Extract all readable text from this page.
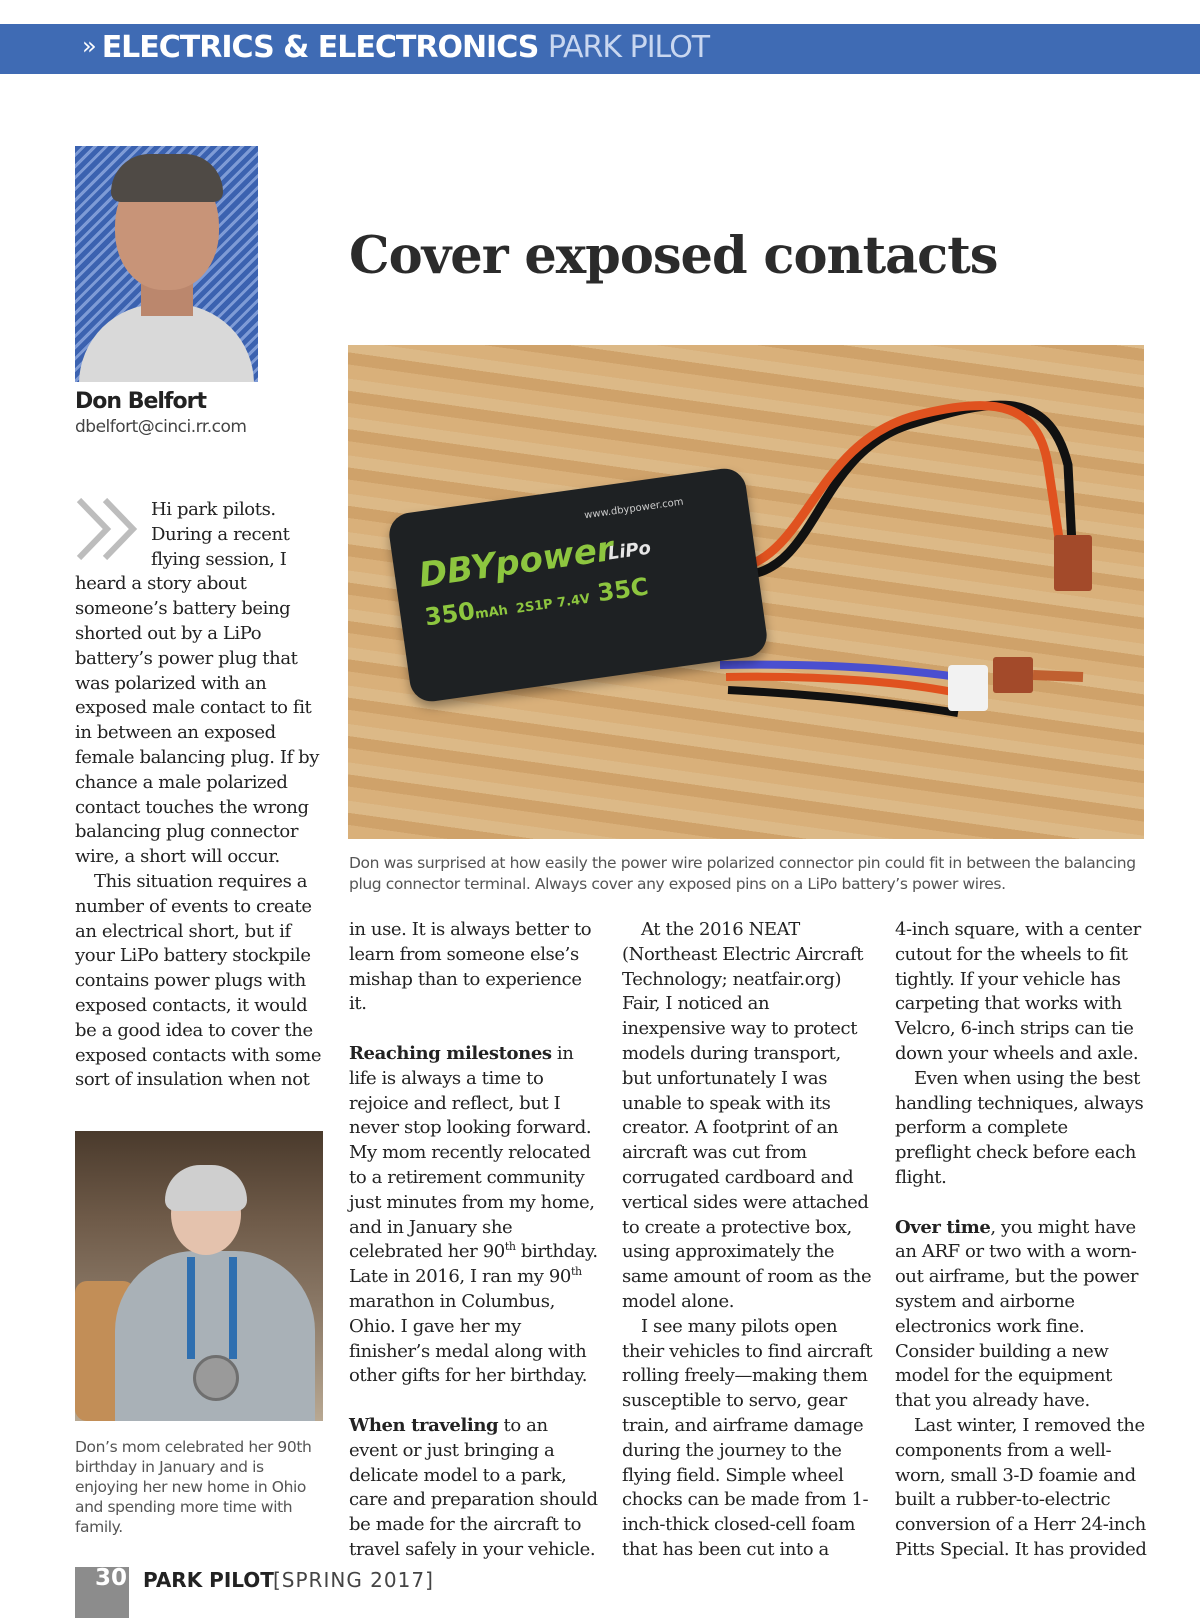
» ELECTRICS & ELECTRONICS PARK PILOT
Don Belfort
dbelfort@cinci.rr.com
Cover exposed contacts
www.dbypower.com
DBYpower
LiPo
350mAh 2S1P 7.4V 35C
Don was surprised at how easily the power wire polarized connector pin could fit in between the balancing plug connector terminal. Always cover any exposed pins on a LiPo battery’s power wires.

Hi park pilots. During a recent flying session, I heard a story about someone’s battery being shorted out by a LiPo battery’s power plug that was polarized with an exposed male contact to fit in between an exposed female balancing plug. If by chance a male polarized contact touches the wrong balancing plug connector wire, a short will occur.

This situation requires a number of events to create an electrical short, but if your LiPo battery stockpile contains power plugs with exposed contacts, it would be a good idea to cover the exposed contacts with some sort of insulation when not

in use. It is always better to learn from someone else’s mishap than to experience it.

Reaching milestones in life is always a time to rejoice and reflect, but I never stop looking forward. My mom recently relocated to a retirement community just minutes from my home, and in January she celebrated her 90th birthday. Late in 2016, I ran my 90th marathon in Columbus, Ohio. I gave her my finisher’s medal along with other gifts for her birthday.

When traveling to an event or just bringing a delicate model to a park, care and preparation should be made for the aircraft to travel safely in your vehicle.

At the 2016 NEAT (Northeast Electric Aircraft Technology; neatfair.org) Fair, I noticed an inexpensive way to protect models during transport, but unfortunately I was unable to speak with its creator. A footprint of an aircraft was cut from corrugated cardboard and vertical sides were attached to create a protective box, using approximately the same amount of room as the model alone.

I see many pilots open their vehicles to find aircraft rolling freely—making them susceptible to servo, gear train, and airframe damage during the journey to the flying field. Simple wheel chocks can be made from 1-inch-thick closed-cell foam that has been cut into a

4-inch square, with a center cutout for the wheels to fit tightly. If your vehicle has carpeting that works with Velcro, 6-inch strips can tie down your wheels and axle.

Even when using the best handling techniques, always perform a complete preflight check before each flight.

Over time, you might have an ARF or two with a worn-out airframe, but the power system and airborne electronics work fine. Consider building a new model for the equipment that you already have.

Last winter, I removed the components from a well-worn, small 3-D foamie and built a rubber-to-electric conversion of a Herr 24-inch Pitts Special. It has provided

Don’s mom celebrated her 90th birthday in January and is enjoying her new home in Ohio and spending more time with family.
30 PARK PILOT [SPRING 2017]
